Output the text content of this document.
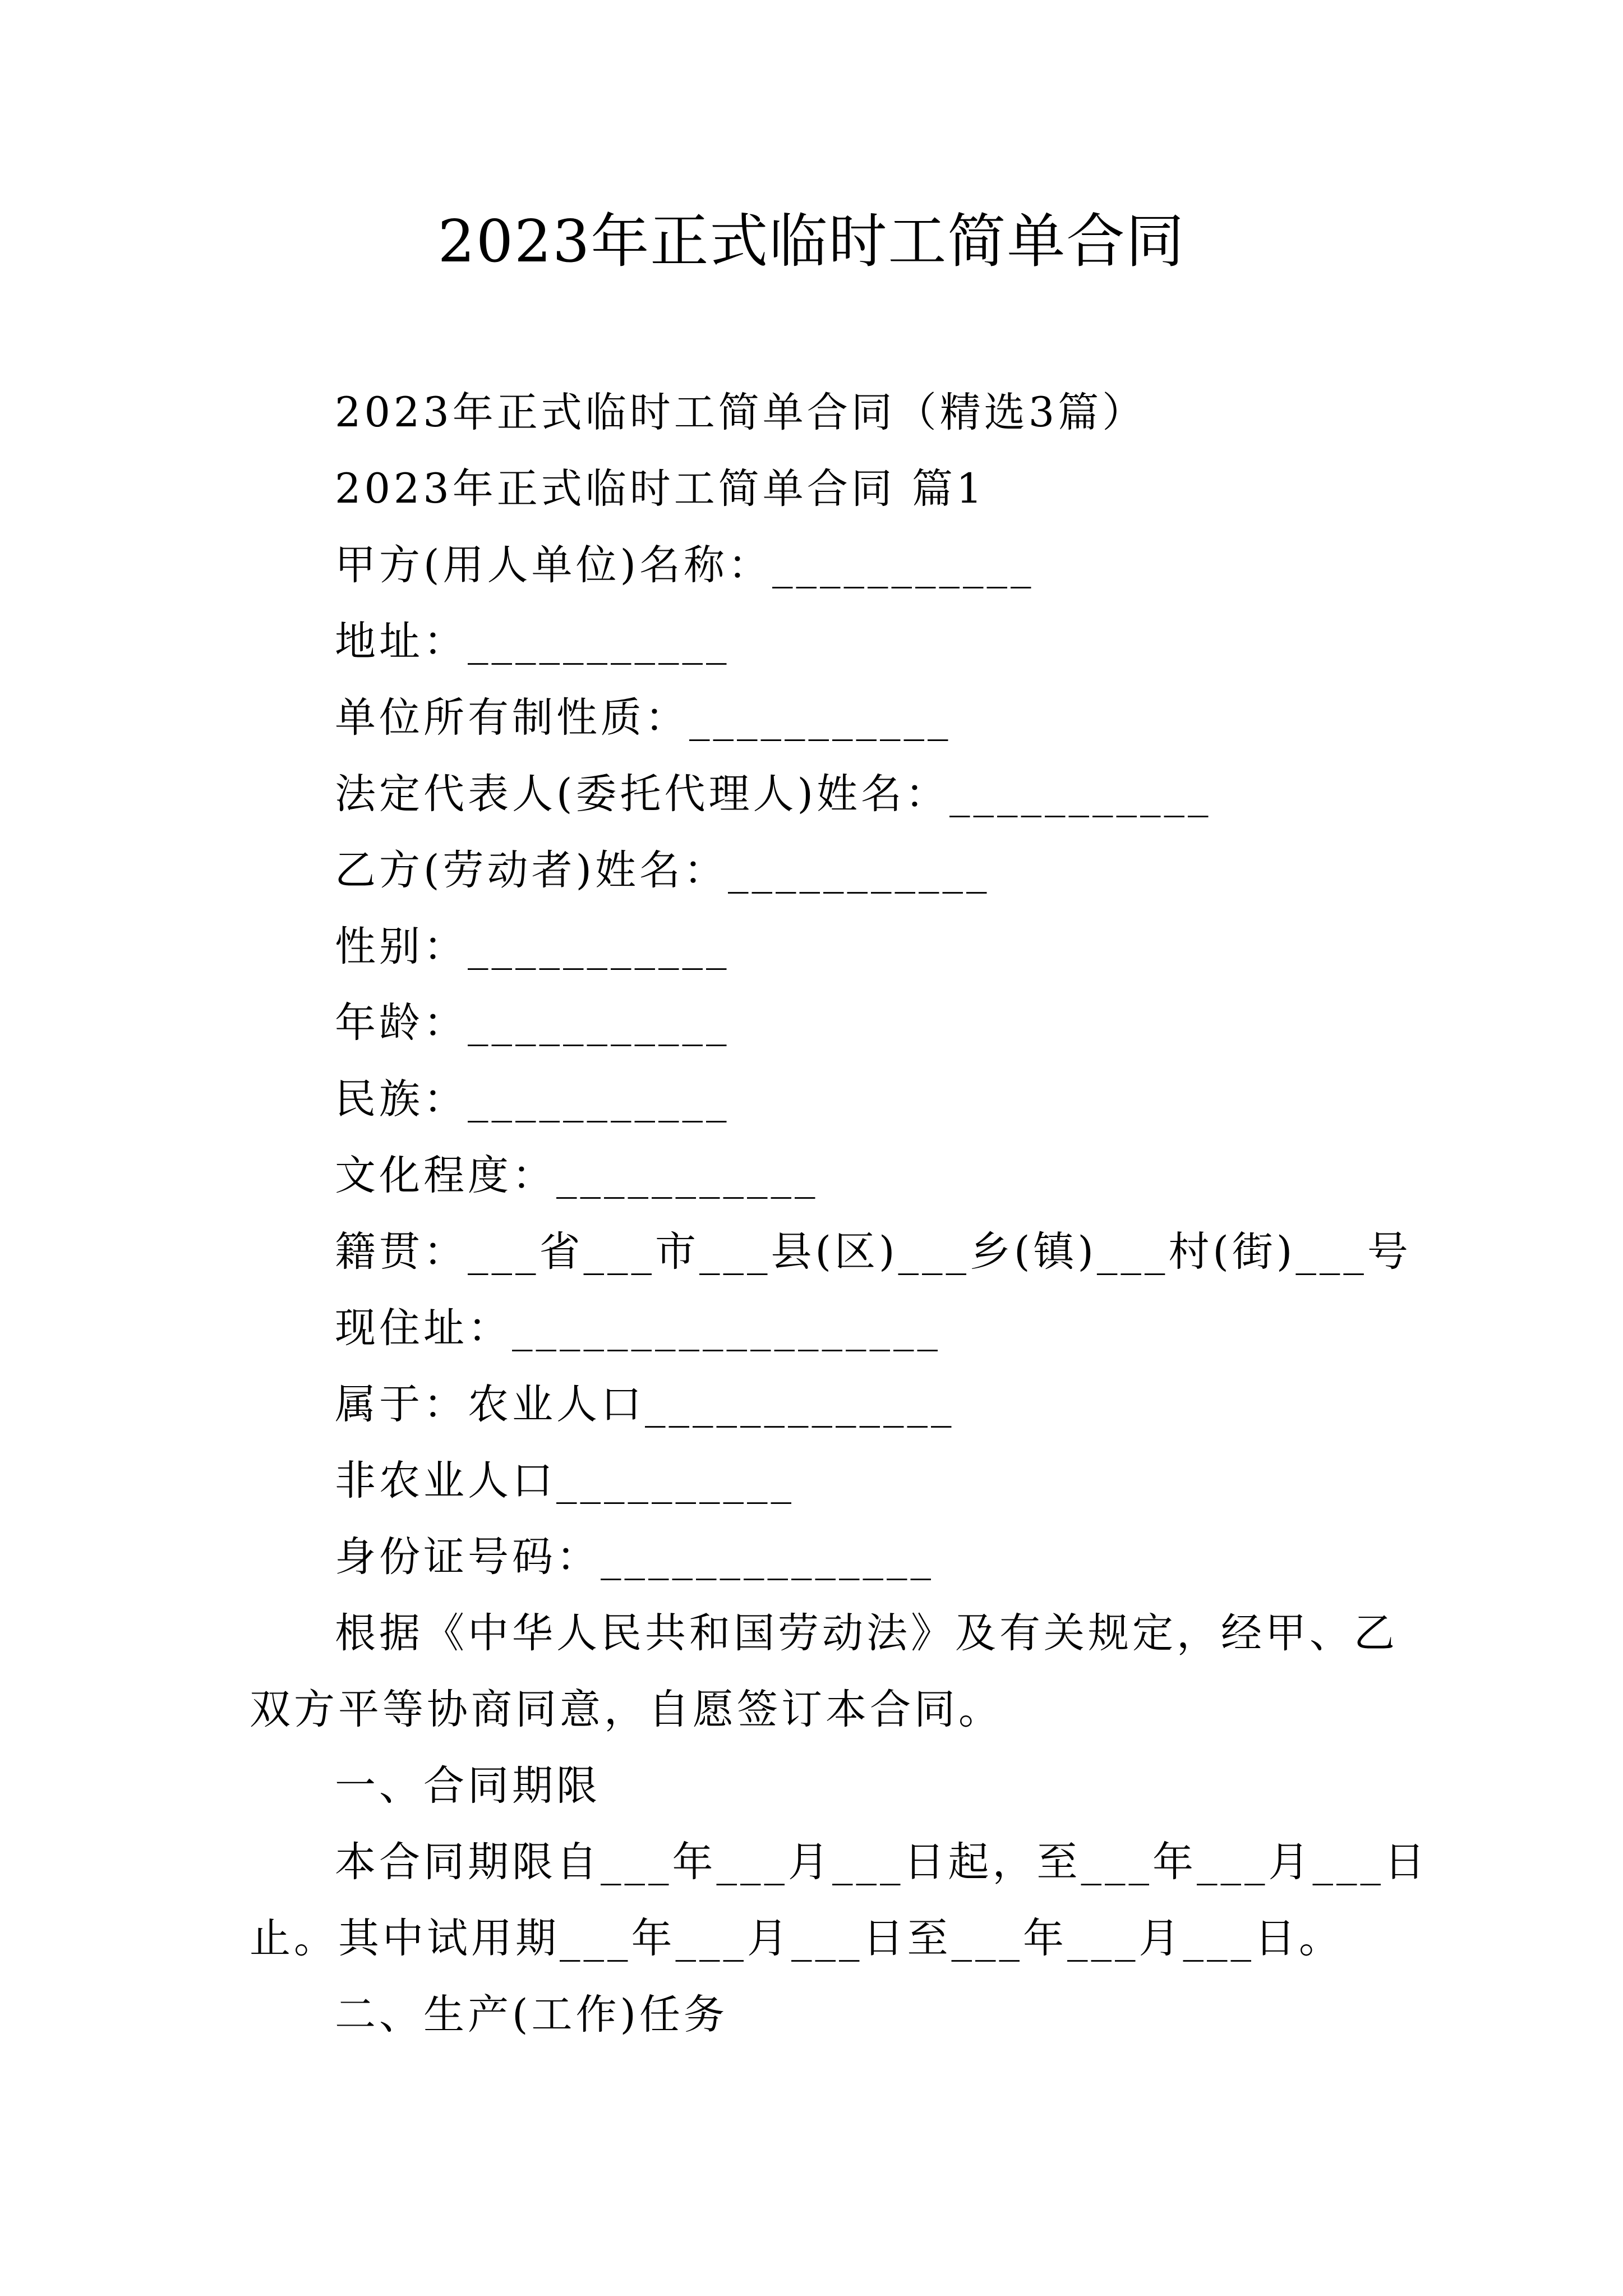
2023年正式临时工简单合同
2023年正式临时工简单合同（精选3篇）
2023年正式临时工简单合同 篇1
甲方(用人单位)名称：___________
地址：___________
单位所有制性质：___________
法定代表人(委托代理人)姓名：___________
乙方(劳动者)姓名：___________
性别：___________
年龄：___________
民族：___________
文化程度：___________
籍贯：___省___市___县(区)___乡(镇)___村(街)___号
现住址：__________________
属于：农业人口_____________
非农业人口__________
身份证号码：______________
根据《中华人民共和国劳动法》及有关规定，经甲、乙
双方平等协商同意，自愿签订本合同。
一、合同期限
本合同期限自___年___月___日起，至___年___月___日
止。其中试用期___年___月___日至___年___月___日。
二、生产(工作)任务
